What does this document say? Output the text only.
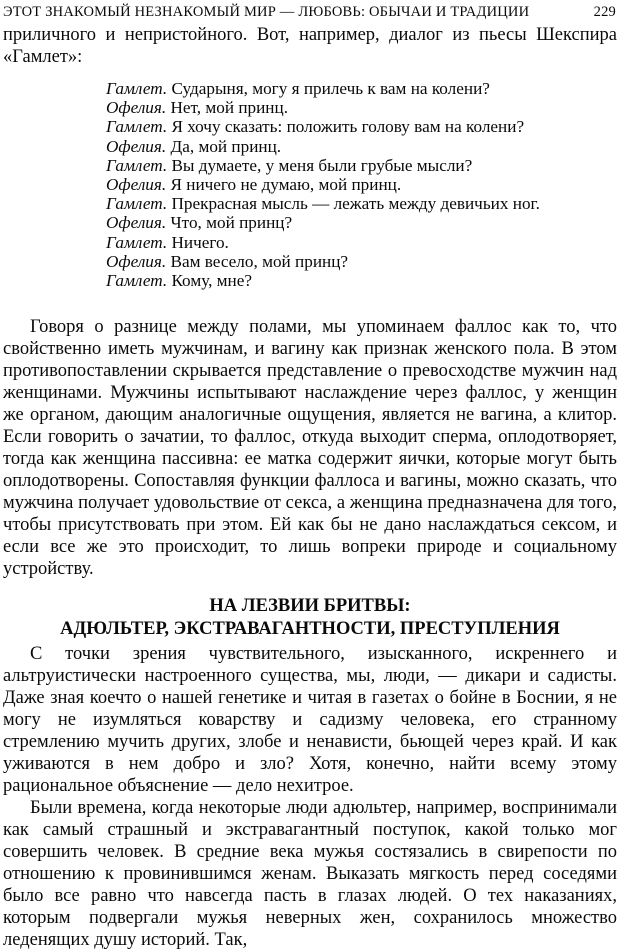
ЭТОТ ЗНАКОМЫЙ НЕЗНАКОМЫЙ МИР — ЛЮБОВЬ: ОБЫЧАИ И ТРАДИЦИИ	229

приличного и непристойного. Вот, например, диалог из пьесы Шекспира «Гамлет»:

Гамлет. Сударыня, могу я прилечь к вам на колени?
Офелия. Нет, мой принц.
Гамлет. Я хочу сказать: положить голову вам на колени?
Офелия. Да, мой принц.
Гамлет. Вы думаете, у меня были грубые мысли?
Офелия. Я ничего не думаю, мой принц.
Гамлет. Прекрасная мысль — лежать между девичьих ног.
Офелия. Что, мой принц?
Гамлет. Ничего.
Офелия. Вам весело, мой принц?
Гамлет. Кому, мне?

Говоря о разнице между полами, мы упоминаем фаллос как то, что свойственно иметь мужчинам, и вагину как признак женского пола. В этом противопоставлении скрывается представление о превосходстве мужчин над женщинами. Мужчины испытывают наслаждение через фаллос, у женщин же органом, дающим аналогичные ощущения, является не вагина, а клитор. Если говорить о зачатии, то фаллос, откуда выходит сперма, оплодотворяет, тогда как женщина пассивна: ее матка содержит яички, которые могут быть оплодотворены. Сопоставляя функции фаллоса и вагины, можно сказать, что мужчина получает удовольствие от секса, а женщина предназначена для того, чтобы присутствовать при этом. Ей как бы не дано наслаждаться сексом, и если все же это происходит, то лишь вопреки природе и социальному устройству.

НА ЛЕЗВИИ БРИТВЫ:
АДЮЛЬТЕР, ЭКСТРАВАГАНТНОСТИ, ПРЕСТУПЛЕНИЯ

С точки зрения чувствительного, изысканного, искреннего и альтруистически настроенного существа, мы, люди, — дикари и садисты. Даже зная коечто о нашей генетике и читая в газетах о бойне в Боснии, я не могу не изумляться коварству и садизму человека, его странному стремлению мучить других, злобе и ненависти, бьющей через край. И как уживаются в нем добро и зло? Хотя, конечно, найти всему этому рациональное объяснение — дело нехитрое.

Были времена, когда некоторые люди адюльтер, например, воспринимали как самый страшный и экстравагантный поступок, какой только мог совершить человек. В средние века мужья состязались в свирепости по отношению к провинившимся женам. Выказать мягкость перед соседями было все равно что навсегда пасть в глазах людей. О тех наказаниях, которым подвергали мужья неверных жен, сохранилось множество леденящих душу историй. Так,
